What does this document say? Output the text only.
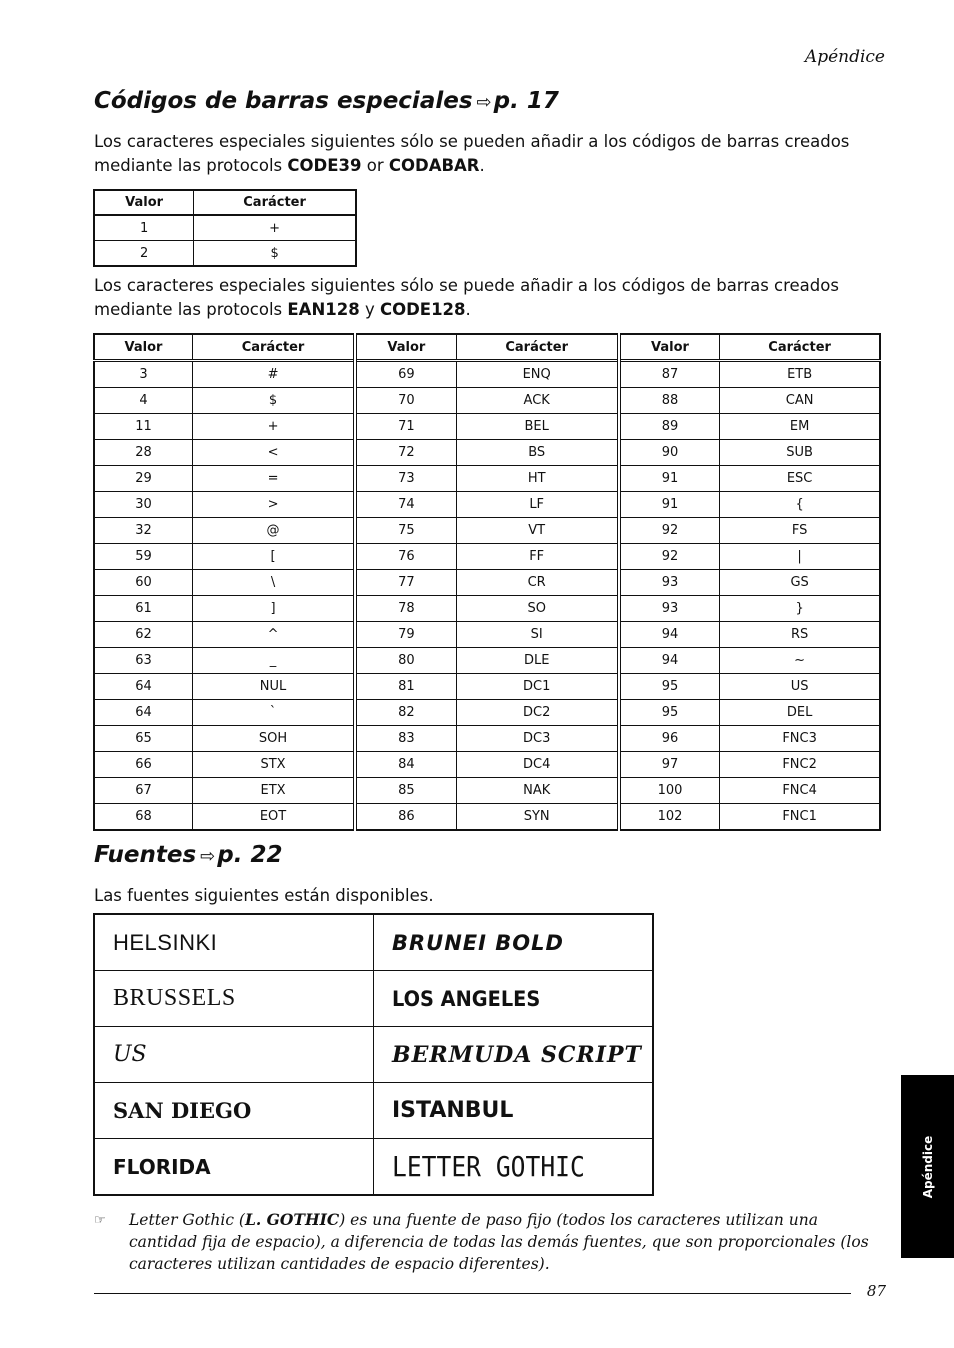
Apéndice
Códigos de barras especiales ⇨p. 17
Los caracteres especiales siguientes sólo se pueden añadir a los códigos de barras creados mediante las protocols CODE39 or CODABAR.
Valor	Carácter
1	+
2	$
Los caracteres especiales siguientes sólo se puede añadir a los códigos de barras creados mediante las protocols EAN128 y CODE128.
Valor	Carácter	Valor	Carácter	Valor	Carácter
3	#	69	ENQ	87	ETB
4	$	70	ACK	88	CAN
11	+	71	BEL	89	EM
28	<	72	BS	90	SUB
29	=	73	HT	91	ESC
30	>	74	LF	91	{
32	@	75	VT	92	FS
59	[	76	FF	92	|
60	\	77	CR	93	GS
61	]	78	SO	93	}
62	^	79	SI	94	RS
63	_	80	DLE	94	~
64	NUL	81	DC1	95	US
64	`	82	DC2	95	DEL
65	SOH	83	DC3	96	FNC3
66	STX	84	DC4	97	FNC2
67	ETX	85	NAK	100	FNC4
68	EOT	86	SYN	102	FNC1
Fuentes ⇨p. 22
Las fuentes siguientes están disponibles.
HELSINKI	BRUNEI BOLD
BRUSSELS	LOS ANGELES
US	BERMUDA SCRIPT
SAN DIEGO	ISTANBUL
FLORIDA	LETTER GOTHIC
☞ Letter Gothic (L. GOTHIC) es una fuente de paso fijo (todos los caracteres utilizan una cantidad fija de espacio), a diferencia de todas las demás fuentes, que son proporcionales (los caracteres utilizan cantidades de espacio diferentes).
87
Apéndice
